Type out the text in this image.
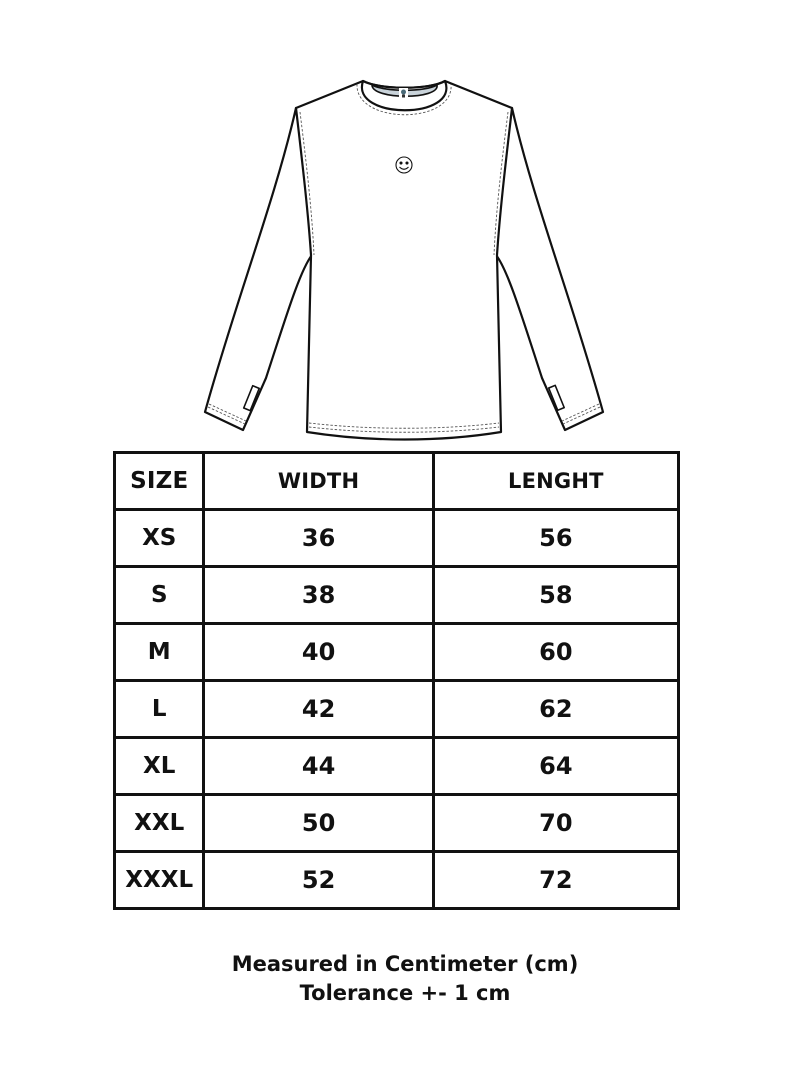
SIZE	WIDTH	LENGHT
XS	36	56
S	38	58
M	40	60
L	42	62
XL	44	64
XXL	50	70
XXXL	52	72
Measured in Centimeter (cm)
Tolerance +- 1 cm
